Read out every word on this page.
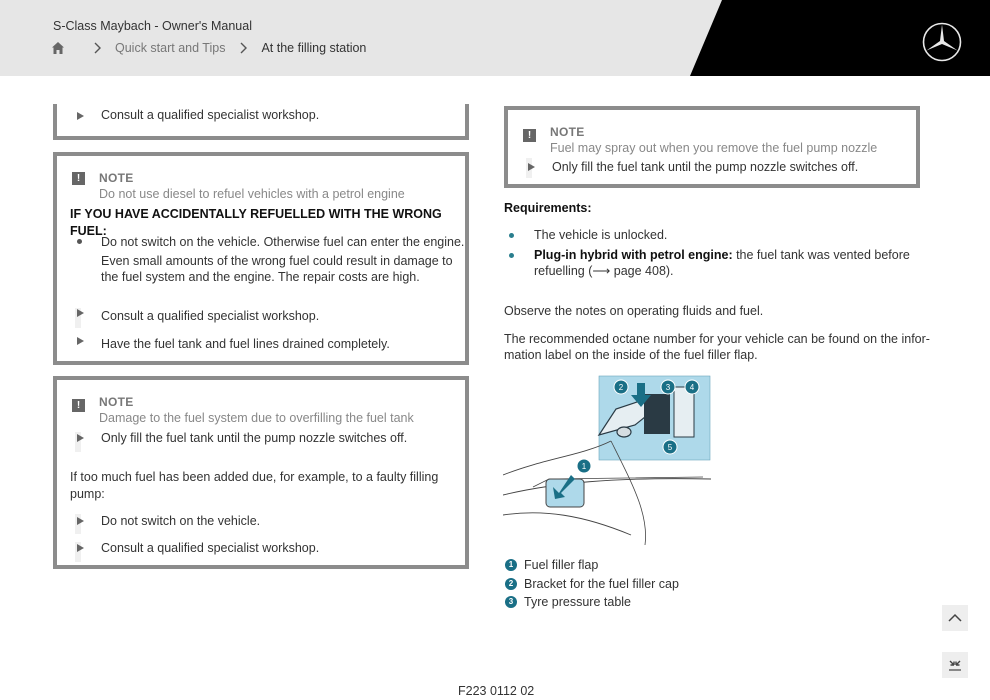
S-Class Maybach - Owner's Manual
Quick start and Tips	At the filling station
Consult a qualified specialist workshop.
!	NOTE
Do not use diesel to refuel vehicles with a petrol engine
IF YOU HAVE ACCIDENTALLY REFUELLED WITH THE WRONG FUEL:
Do not switch on the vehicle. Otherwise fuel can enter the engine.
Even small amounts of the wrong fuel could result in damage to
the fuel system and the engine. The repair costs are high.
Consult a qualified specialist workshop.
Have the fuel tank and fuel lines drained completely.
!	NOTE
Damage to the fuel system due to overfilling the fuel tank
Only fill the fuel tank until the pump nozzle switches off.
If too much fuel has been added due, for example, to a faulty filling
pump:
Do not switch on the vehicle.
Consult a qualified specialist workshop.
!	NOTE
Fuel may spray out when you remove the fuel pump nozzle
Only fill the fuel tank until the pump nozzle switches off.
Requirements:
The vehicle is unlocked.
Plug-in hybrid with petrol engine: the fuel tank was vented before
refuelling (⟶ page 408).
Observe the notes on operating fluids and fuel.
The recommended octane number for your vehicle can be found on the infor-
mation label on the inside of the fuel filler flap.
2	3 4
5
1
1 Fuel filler flap
2 Bracket for the fuel filler cap
3 Tyre pressure table
F223 0112 02
